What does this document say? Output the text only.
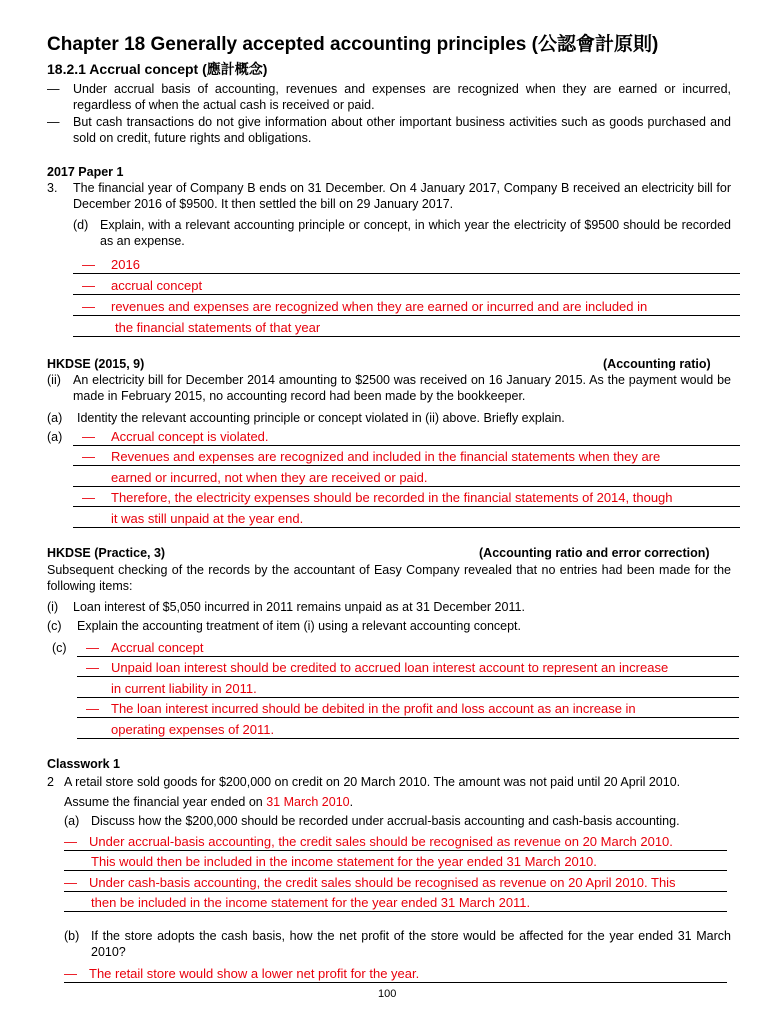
Chapter 18 Generally accepted accounting principles (公認會計原則)
18.2.1 Accrual concept (應計概念)
— Under accrual basis of accounting, revenues and expenses are recognized when they are earned or incurred, regardless of when the actual cash is received or paid.
— But cash transactions do not give information about other important business activities such as goods purchased and sold on credit, future rights and obligations.
2017 Paper 1
3. The financial year of Company B ends on 31 December. On 4 January 2017, Company B received an electricity bill for December 2016 of $9500. It then settled the bill on 29 January 2017.
(d) Explain, with a relevant accounting principle or concept, in which year the electricity of $9500 should be recorded as an expense.
— 2016
— accrual concept
— revenues and expenses are recognized when they are earned or incurred and are included in
the financial statements of that year
HKDSE (2015, 9)	(Accounting ratio)
(ii) An electricity bill for December 2014 amounting to $2500 was received on 16 January 2015. As the payment would be made in February 2015, no accounting record had been made by the bookkeeper.
(a) Identity the relevant accounting principle or concept violated in (ii) above. Briefly explain.
(a) — Accrual concept is violated.
— Revenues and expenses are recognized and included in the financial statements when they are
earned or incurred, not when they are received or paid.
— Therefore, the electricity expenses should be recorded in the financial statements of 2014, though
it was still unpaid at the year end.
HKDSE (Practice, 3)	(Accounting ratio and error correction)
Subsequent checking of the records by the accountant of Easy Company revealed that no entries had been made for the following items:
(i) Loan interest of $5,050 incurred in 2011 remains unpaid as at 31 December 2011.
(c) Explain the accounting treatment of item (i) using a relevant accounting concept.
(c) — Accrual concept
— Unpaid loan interest should be credited to accrued loan interest account to represent an increase
in current liability in 2011.
— The loan interest incurred should be debited in the profit and loss account as an increase in
operating expenses of 2011.
Classwork 1
2 A retail store sold goods for $200,000 on credit on 20 March 2010. The amount was not paid until 20 April 2010.
Assume the financial year ended on 31 March 2010.
(a) Discuss how the $200,000 should be recorded under accrual-basis accounting and cash-basis accounting.
— Under accrual-basis accounting, the credit sales should be recognised as revenue on 20 March 2010.
This would then be included in the income statement for the year ended 31 March 2010.
— Under cash-basis accounting, the credit sales should be recognised as revenue on 20 April 2010. This
then be included in the income statement for the year ended 31 March 2011.
(b) If the store adopts the cash basis, how the net profit of the store would be affected for the year ended 31 March 2010?
— The retail store would show a lower net profit for the year.
100
